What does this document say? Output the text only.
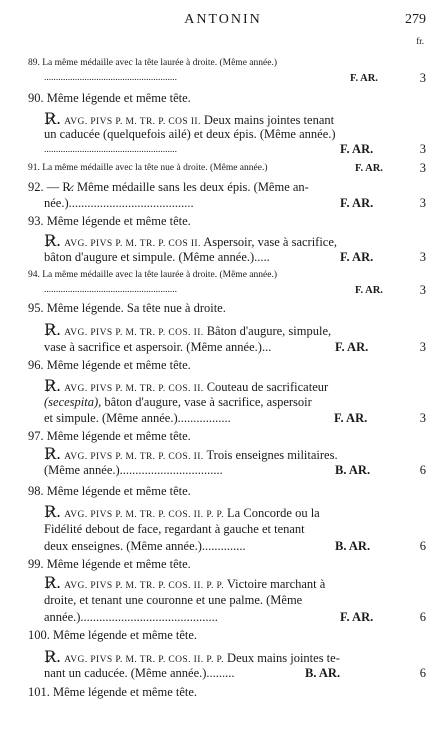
ANTONIN	279
fr.
89. La même médaille avec la tête laurée à droite. (Même année.)
........................................................	F. AR.	3
90. Même légende et même tête.
R̷. AVG. PIVS P. M. TR. P. COS II. Deux mains jointes tenant
un caducée (quelquefois ailé) et deux épis. (Même année.)
........................................................	F. AR.	3
91. La même médaille avec la tête nue à droite. (Même année.)	F. AR.	3
92. — R̷. Même médaille sans les deux épis. (Même an-
née.)........................................	F. AR.	3
93. Même légende et même tête.
R̷. AVG. PIVS P. M. TR. P. COS II. Aspersoir, vase à sacrifice,
bâton d'augure et simpule. (Même année.).....	F. AR.	3
94. La même médaille avec la tête laurée à droite. (Même année.)
........................................................	F. AR.	3
95. Même légende. Sa tête nue à droite.
R̷. AVG. PIVS P. M. TR. P. COS. II. Bâton d'augure, simpule,
vase à sacrifice et aspersoir. (Même année.)...	F. AR.	3
96. Même légende et même tête.
R̷. AVG. PIVS P. M. TR. P. COS. II. Couteau de sacrificateur
(secespita), bâton d'augure, vase à sacrifice, aspersoir
et simpule. (Même année.).................	F. AR.	3
97. Même légende et même tête.
R̷. AVG. PIVS P. M. TR. P. COS. II. Trois enseignes militaires.
(Même année.).................................	B. AR.	6
98. Même légende et même tête.
R̷. AVG. PIVS P. M. TR. P. COS. II. P. P. La Concorde ou la
Fidélité debout de face, regardant à gauche et tenant
deux enseignes. (Même année.)..............	B. AR.	6
99. Même légende et même tête.
R̷. AVG. PIVS P. M. TR. P. COS. II. P. P. Victoire marchant à
droite, et tenant une couronne et une palme. (Même
année.)............................................	F. AR.	6
100. Même légende et même tête.
R̷. AVG. PIVS P. M. TR. P. COS. II. P. P. Deux mains jointes te-
nant un caducée. (Même année.).........	B. AR.	6
101. Même légende et même tête.
